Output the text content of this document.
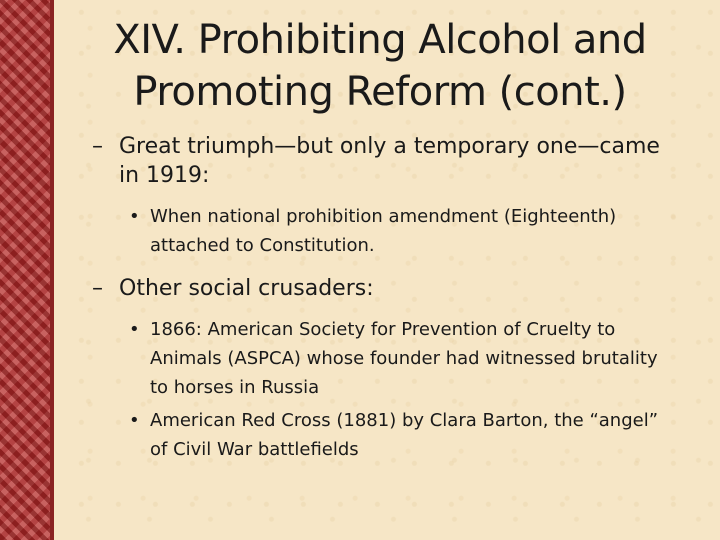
XIV. Prohibiting Alcohol and
Promoting Reform (cont.)
– Great triumph—but only a temporary one—came in 1919:
• When national prohibition amendment (Eighteenth) attached to Constitution.
– Other social crusaders:
• 1866: American Society for Prevention of Cruelty to Animals (ASPCA) whose founder had witnessed brutality to horses in Russia
• American Red Cross (1881) by Clara Barton, the “angel” of Civil War battlefields
